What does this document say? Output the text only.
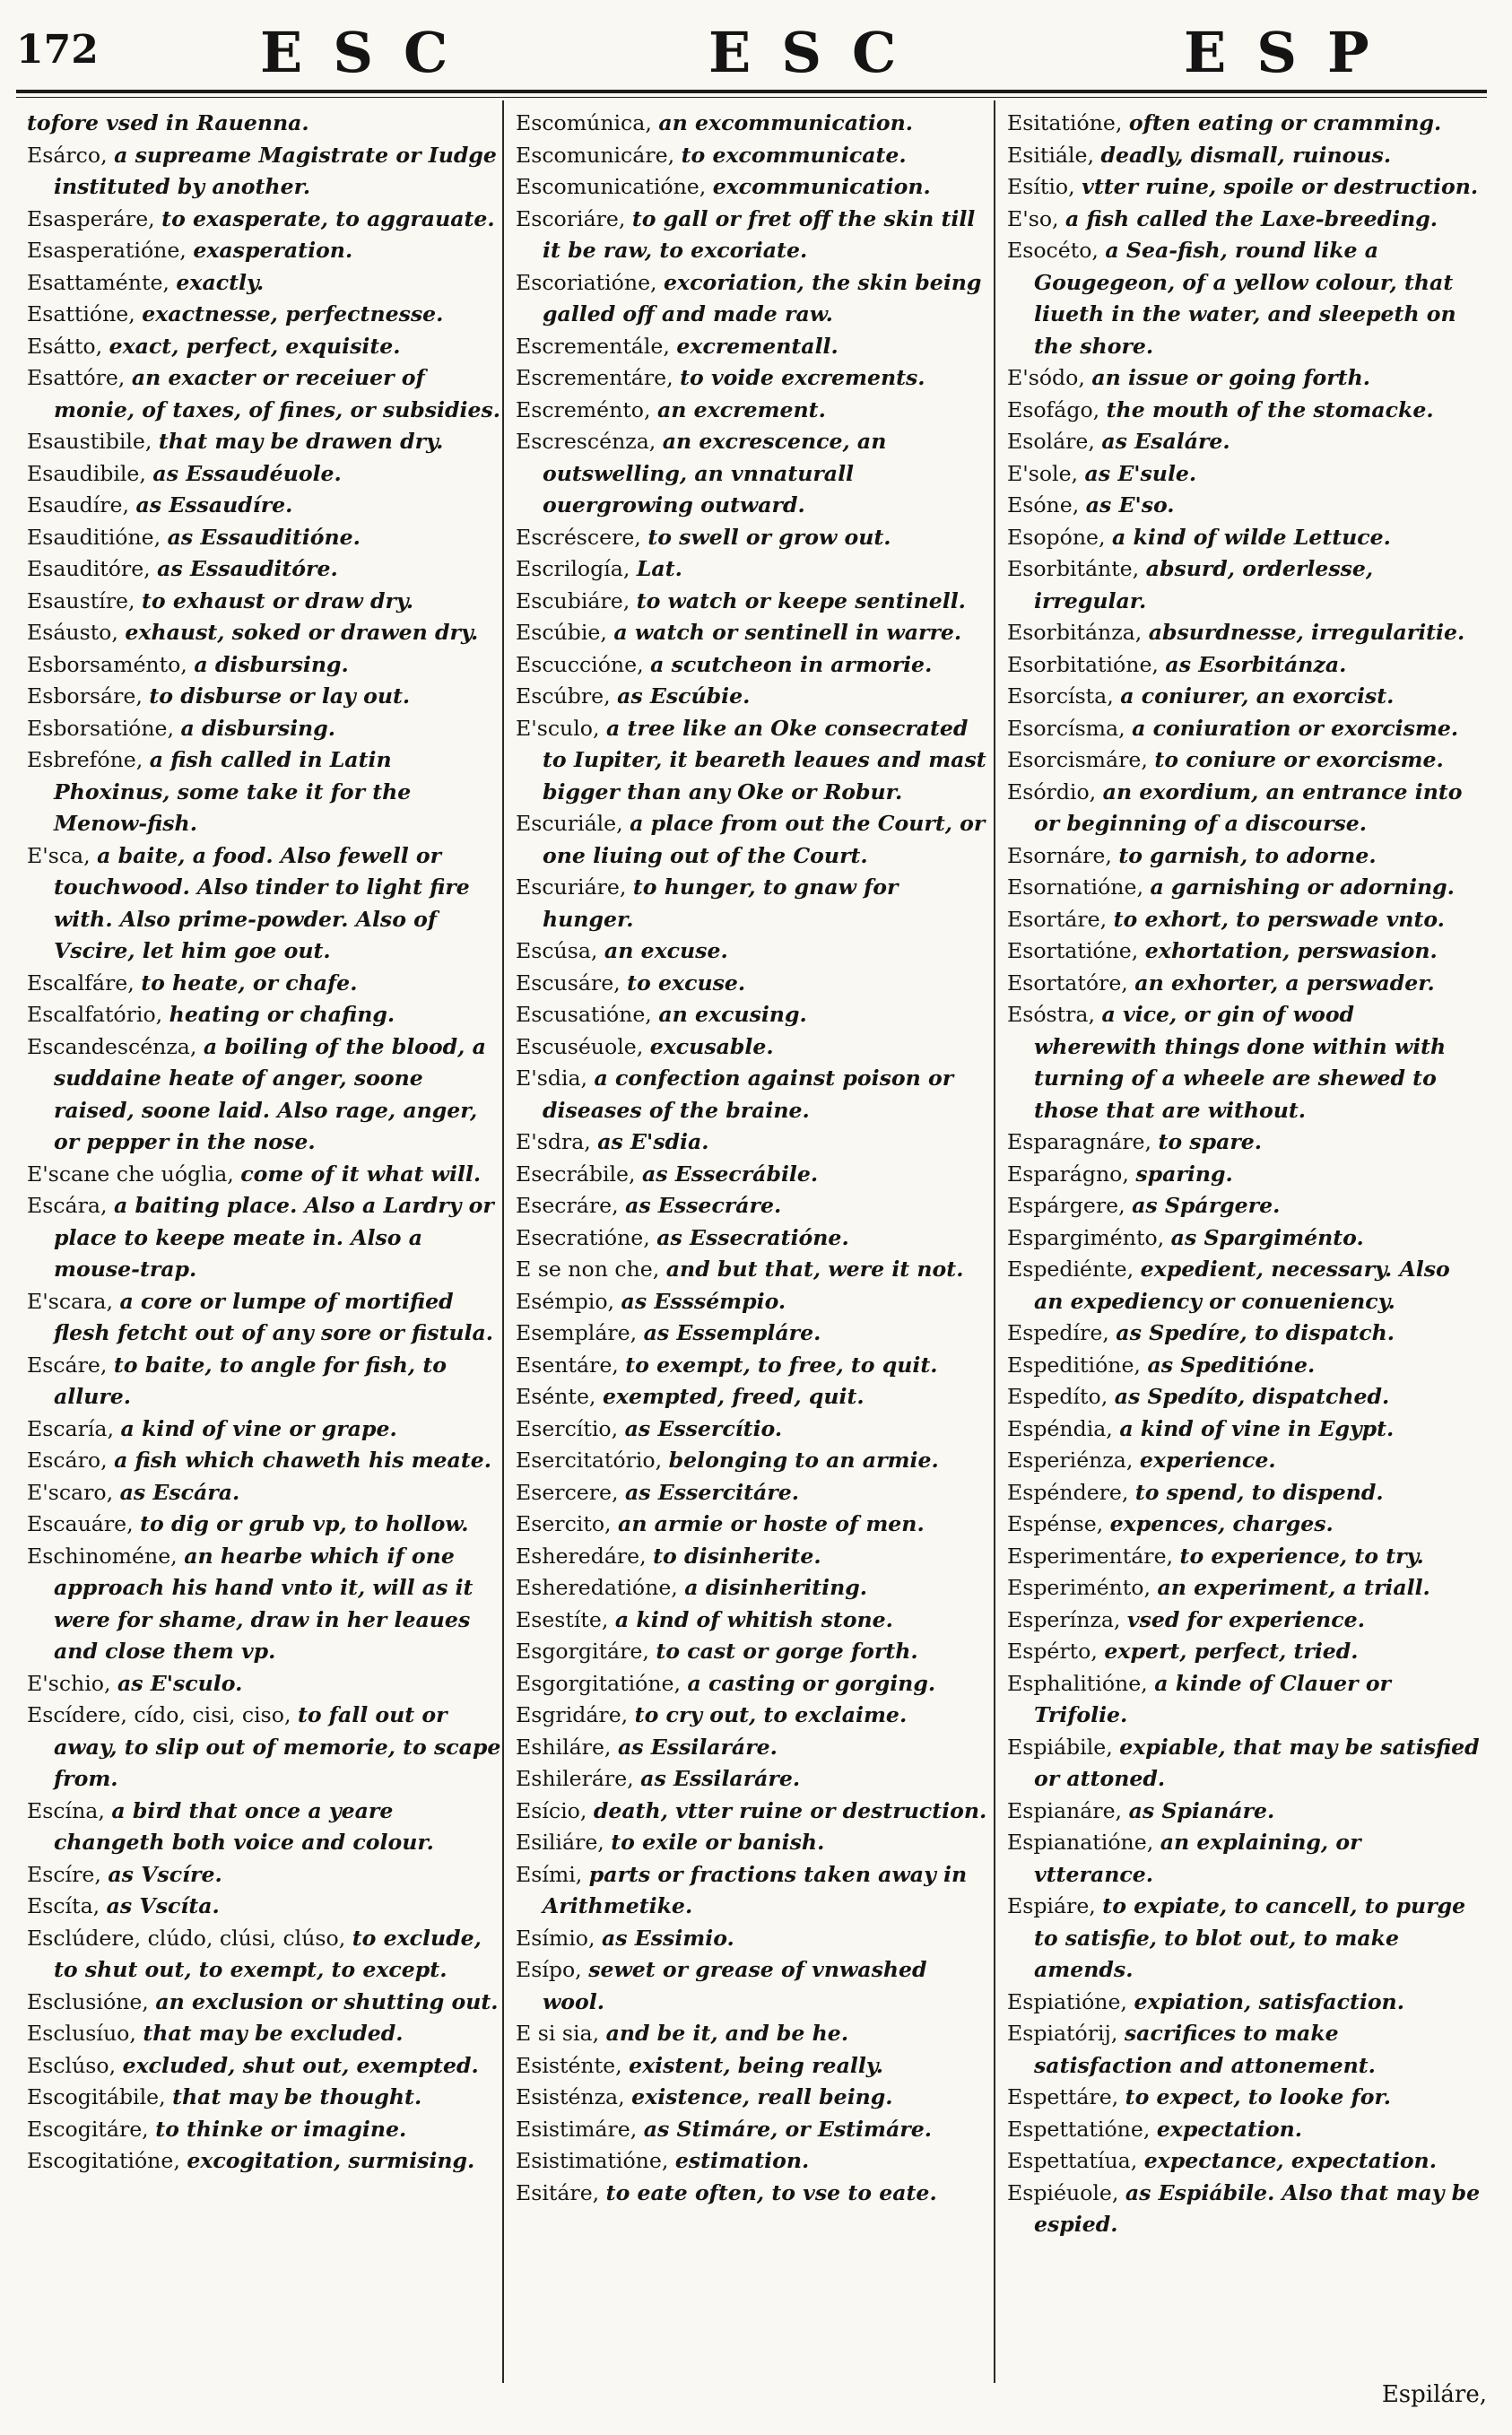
172	ESC	ESC	ESP

tofore vsed in Rauenna.

Esárco, a supreame Magistrate or Iudge instituted by another.

Esasperáre, to exasperate, to aggrauate.

Esasperatióne, exasperation.

Esattaménte, exactly.

Esattióne, exactnesse, perfectnesse.

Esátto, exact, perfect, exquisite.

Esattóre, an exacter or receiuer of monie, of taxes, of fines, or subsidies.

Esaustibile, that may be drawen dry.

Esaudibile, as Essaudéuole.

Esaudíre, as Essaudíre.

Esauditióne, as Essauditióne.

Esauditóre, as Essauditóre.

Esaustíre, to exhaust or draw dry.

Esáusto, exhaust, soked or drawen dry.

Esborsaménto, a disbursing.

Esborsáre, to disburse or lay out.

Esborsatióne, a disbursing.

Esbrefóne, a fish called in Latin Phoxinus, some take it for the Menow-fish.

E'sca, a baite, a food. Also fewell or touchwood. Also tinder to light fire with. Also prime-powder. Also of Vscire, let him goe out.

Escalfáre, to heate, or chafe.

Escalfatório, heating or chafing.

Escandescénza, a boiling of the blood, a suddaine heate of anger, soone raised, soone laid. Also rage, anger, or pepper in the nose.

E'scane che uóglia, come of it what will.

Escára, a baiting place. Also a Lardry or place to keepe meate in. Also a mouse-trap.

E'scara, a core or lumpe of mortified flesh fetcht out of any sore or fistula.

Escáre, to baite, to angle for fish, to allure.

Escaría, a kind of vine or grape.

Escáro, a fish which chaweth his meate.

E'scaro, as Escára.

Escauáre, to dig or grub vp, to hollow.

Eschinoméne, an hearbe which if one approach his hand vnto it, will as it were for shame, draw in her leaues and close them vp.

E'schio, as E'sculo.

Escídere, cído, cisi, ciso, to fall out or away, to slip out of memorie, to scape from.

Escína, a bird that once a yeare changeth both voice and colour.

Escíre, as Vscíre.

Escíta, as Vscíta.

Esclúdere, clúdo, clúsi, clúso, to exclude, to shut out, to exempt, to except.

Esclusióne, an exclusion or shutting out.

Esclusíuo, that may be excluded.

Esclúso, excluded, shut out, exempted.

Escogitábile, that may be thought.

Escogitáre, to thinke or imagine.

Escogitatióne, excogitation, surmising.

Escomúnica, an excommunication.

Escomunicáre, to excommunicate.

Escomunicatióne, excommunication.

Escoriáre, to gall or fret off the skin till it be raw, to excoriate.

Escoriatióne, excoriation, the skin being galled off and made raw.

Escrementále, excrementall.

Escrementáre, to voide excrements.

Escreménto, an excrement.

Escrescénza, an excrescence, an outswelling, an vnnaturall ouergrowing outward.

Escréscere, to swell or grow out.

Escrilogía, Lat.

Escubiáre, to watch or keepe sentinell.

Escúbie, a watch or sentinell in warre.

Escuccióne, a scutcheon in armorie.

Escúbre, as Escúbie.

E'sculo, a tree like an Oke consecrated to Iupiter, it beareth leaues and mast bigger than any Oke or Robur.

Escuriále, a place from out the Court, or one liuing out of the Court.

Escuriáre, to hunger, to gnaw for hunger.

Escúsa, an excuse.

Escusáre, to excuse.

Escusatióne, an excusing.

Escuséuole, excusable.

E'sdia, a confection against poison or diseases of the braine.

E'sdra, as E'sdia.

Esecrábile, as Essecrábile.

Esecráre, as Essecráre.

Esecratióne, as Essecratióne.

E se non che, and but that, were it not.

Esémpio, as Esssémpio.

Esempláre, as Essempláre.

Esentáre, to exempt, to free, to quit.

Esénte, exempted, freed, quit.

Esercítio, as Essercítio.

Esercitatório, belonging to an armie.

Esercere, as Essercitáre.

Esercito, an armie or hoste of men.

Esheredáre, to disinherite.

Esheredatióne, a disinheriting.

Esestíte, a kind of whitish stone.

Esgorgitáre, to cast or gorge forth.

Esgorgitatióne, a casting or gorging.

Esgridáre, to cry out, to exclaime.

Eshiláre, as Essilaráre.

Eshileráre, as Essilaráre.

Esício, death, vtter ruine or destruction.

Esiliáre, to exile or banish.

Esími, parts or fractions taken away in Arithmetike.

Esímio, as Essimio.

Esípo, sewet or grease of vnwashed wool.

E si sia, and be it, and be he.

Esisténte, existent, being really.

Esisténza, existence, reall being.

Esistimáre, as Stimáre, or Estimáre.

Esistimatióne, estimation.

Esitáre, to eate often, to vse to eate.

Esitatióne, often eating or cramming.

Esitiále, deadly, dismall, ruinous.

Esítio, vtter ruine, spoile or destruction.

E'so, a fish called the Laxe-breeding.

Esocéto, a Sea-fish, round like a Gougegeon, of a yellow colour, that liueth in the water, and sleepeth on the shore.

E'sódo, an issue or going forth.

Esofágo, the mouth of the stomacke.

Esoláre, as Esaláre.

E'sole, as E'sule.

Esóne, as E'so.

Esopóne, a kind of wilde Lettuce.

Esorbitánte, absurd, orderlesse, irregular.

Esorbitánza, absurdnesse, irregularitie.

Esorbitatióne, as Esorbitánza.

Esorcísta, a coniurer, an exorcist.

Esorcísma, a coniuration or exorcisme.

Esorcismáre, to coniure or exorcisme.

Esórdio, an exordium, an entrance into or beginning of a discourse.

Esornáre, to garnish, to adorne.

Esornatióne, a garnishing or adorning.

Esortáre, to exhort, to perswade vnto.

Esortatióne, exhortation, perswasion.

Esortatóre, an exhorter, a perswader.

Esóstra, a vice, or gin of wood wherewith things done within with turning of a wheele are shewed to those that are without.

Esparagnáre, to spare.

Esparágno, sparing.

Espárgere, as Spárgere.

Espargiménto, as Spargiménto.

Espediénte, expedient, necessary. Also an expediency or conueniency.

Espedíre, as Spedíre, to dispatch.

Espeditióne, as Speditióne.

Espedíto, as Spedíto, dispatched.

Espéndia, a kind of vine in Egypt.

Esperiénza, experience.

Espéndere, to spend, to dispend.

Espénse, expences, charges.

Esperimentáre, to experience, to try.

Esperiménto, an experiment, a triall.

Esperínza, vsed for experience.

Espérto, expert, perfect, tried.

Esphalitióne, a kinde of Clauer or Trifolie.

Espiábile, expiable, that may be satisfied or attoned.

Espianáre, as Spianáre.

Espianatióne, an explaining, or vtterance.

Espiáre, to expiate, to cancell, to purge to satisfie, to blot out, to make amends.

Espiatióne, expiation, satisfaction.

Espiatórij, sacrifices to make satisfaction and attonement.

Espettáre, to expect, to looke for.

Espettatióne, expectation.

Espettatíua, expectance, expectation.

Espiéuole, as Espiábile. Also that may be espied.

Espiláre,
